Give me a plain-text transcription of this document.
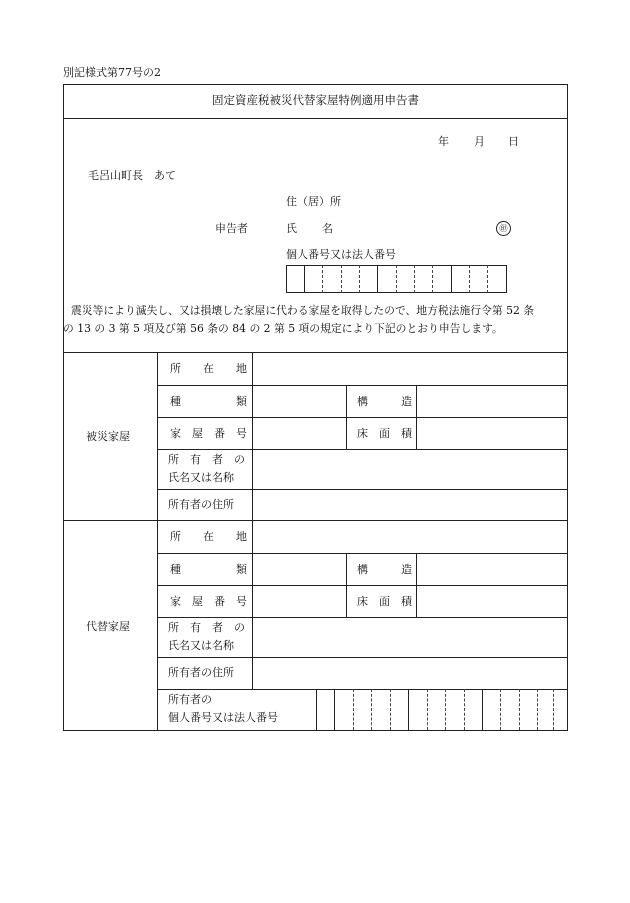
別記様式第77号の2
固定資産税被災代替家屋特例適用申告書
年 月 日
毛呂山町長　あて
住（居）所
申告者	氏 名	㊞
個人番号又は法人番号
震災等により滅失し、又は損壊した家屋に代わる家屋を取得したので、地方税法施行令第 52 条
の 13 の 3 第 5 項及び第 56 条の 84 の 2 第 5 項の規定により下記のとおり申告します。
被災家屋
所　　在　　地
種　　　　　類	構　　　造
家　屋　番　号	床　面　積
所　有　者　の
氏名又は名称
所有者の住所
代替家屋
所　　在　　地
種　　　　　類	構　　　造
家　屋　番　号	床　面　積
所　有　者　の
氏名又は名称
所有者の住所
所有者の
個人番号又は法人番号
